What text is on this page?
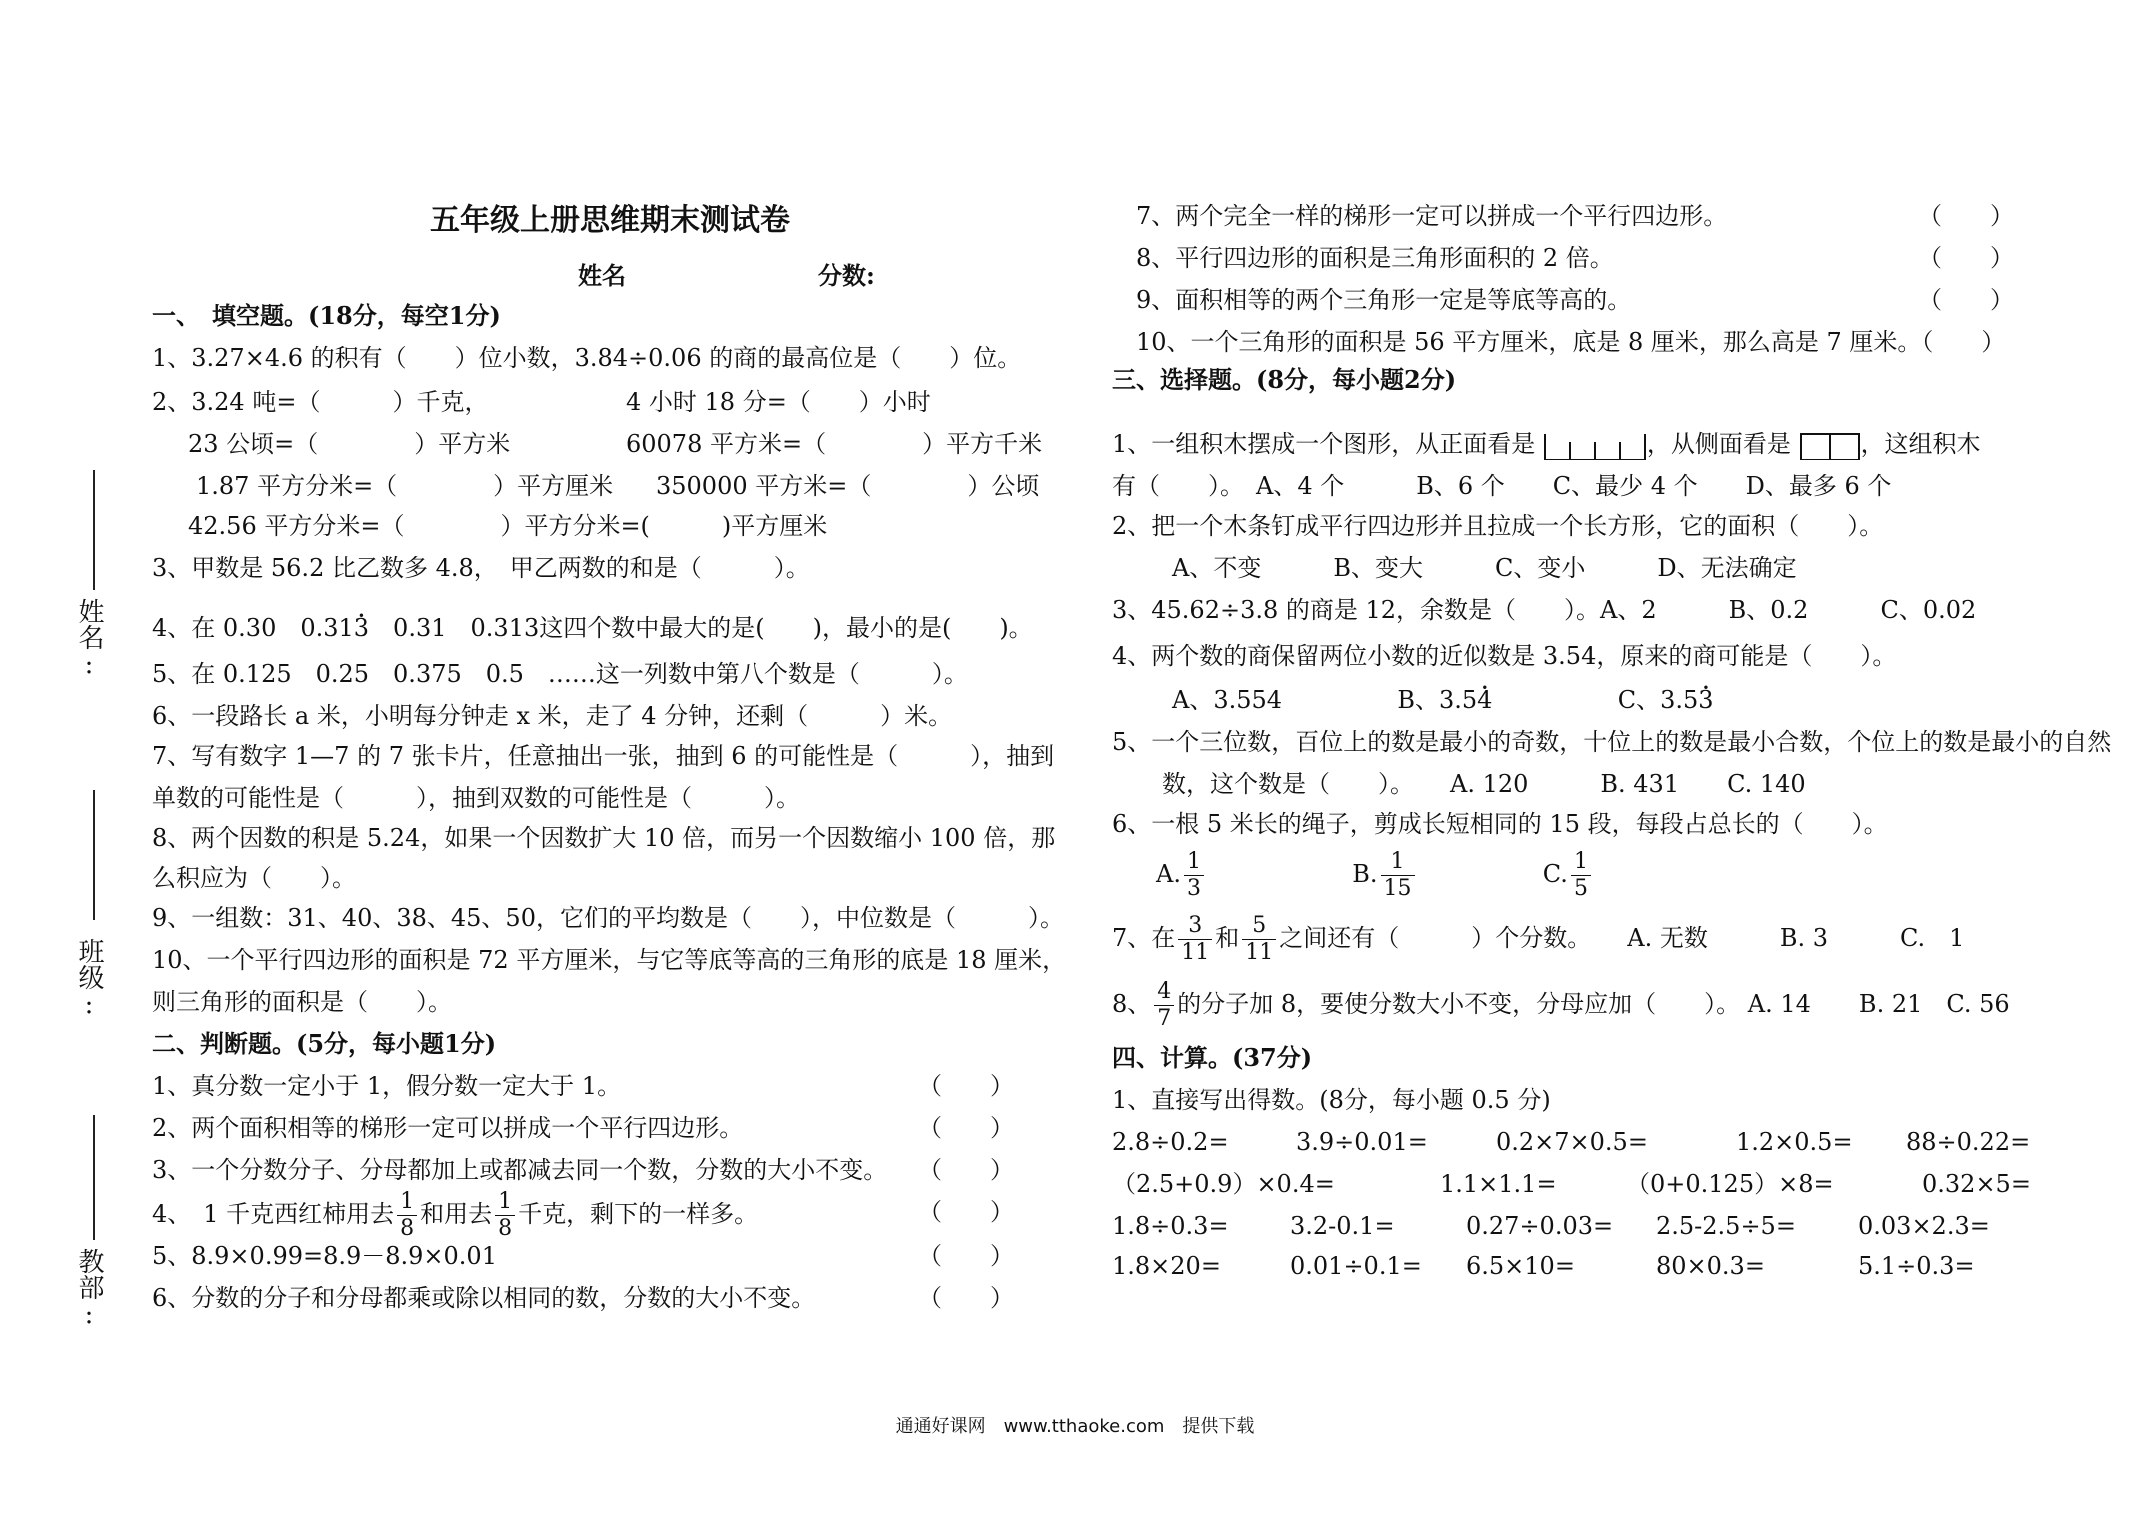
姓名:
班级:
教部:
五年级上册思维期末测试卷
姓名	分数:
一、　填空题。(18分，每空1分)
1、3.27×4.6 的积有（　　）位小数，3.84÷0.06 的商的最高位是（　　）位。
2、3.24 吨=（　　　）千克，	4 小时 18 分=（　　）小时
23 公顷=（　　　　）平方米	60078 平方米=（　　　　）平方千米
1.87 平方分米=（　　　　）平方厘米 350000 平方米=（　　　　）公顷
42.56 平方分米=（　　　　）平方分米=(　　　)平方厘米
3、甲数是 56.2 比乙数多 4.8，　甲乙两数的和是（　　　）。
4、在 0.30　0.31• 3　0.31　0.313这四个数中最大的是(　　)，最小的是(　　)。
5、在 0.125　0.25　0.375　0.5　……这一列数中第八个数是（　　　）。
6、一段路长 a 米，小明每分钟走 x 米，走了 4 分钟，还剩（　　　）米。
7、写有数字 1—7 的 7 张卡片，任意抽出一张，抽到 6 的可能性是（　　　），抽到
单数的可能性是（　　　），抽到双数的可能性是（　　　）。
8、两个因数的积是 5.24，如果一个因数扩大 10 倍，而另一个因数缩小 100 倍，那
么积应为（　　）。
9、一组数：31、40、38、45、50，它们的平均数是（　　），中位数是（　　　）。
10、一个平行四边形的面积是 72 平方厘米，与它等底等高的三角形的底是 18 厘米，
则三角形的面积是（　　）。
二、判断题。(5分，每小题1分)
1、真分数一定小于 1，假分数一定大于 1。	（　　）
2、两个面积相等的梯形一定可以拼成一个平行四边形。	（　　）
3、一个分数分子、分母都加上或都减去同一个数，分数的大小不变。 （　　）
4、　1 千克西红柿用去 $\frac{1}{8}$ 和用去 $\frac{1}{8}$ 千克，剩下的一样多。	（　　）
5、8.9×0.99=8.9－8.9×0.01	（　　）
6、分数的分子和分母都乘或除以相同的数，分数的大小不变。	（　　）
7、两个完全一样的梯形一定可以拼成一个平行四边形。	（　　）
8、平行四边形的面积是三角形面积的 2 倍。	（　　）
9、面积相等的两个三角形一定是等底等高的。	（　　）
10、一个三角形的面积是 56 平方厘米，底是 8 厘米，那么高是 7 厘米。（　　）
三、选择题。(8分，每小题2分)
1、一组积木摆成一个图形，从正面看是	，从侧面看是	，这组积木
有（　　）。　A、4 个　　　B、6 个　　C、最少 4 个　　D、最多 6 个
2、把一个木条钉成平行四边形并且拉成一个长方形，它的面积（　　）。
A、不变　　　B、变大　　　C、变小　　　D、无法确定
3、45.62÷3.8 的商是 12，余数是（　　）。A、2　　　B、0.2　　　C、0.02
4、两个数的商保留两位小数的近似数是 3.54，原来的商可能是（　　）。
A、3.554	B、3.5• 4	C、3.5• 3
5、一个三位数，百位上的数是最小的奇数，十位上的数是最小合数，个位上的数是最小的自然
数，这个数是（　　）。　　A. 120　　　B. 431　　C. 140
6、一根 5 米长的绳子，剪成长短相同的 15 段，每段占总长的（　　）。
A. $\frac{1}{3}$	B. $\frac{1}{15}$	C. $\frac{1}{5}$
7、在 $\frac{3}{11}$ 和 $\frac{5}{11}$ 之间还有（　　　）个分数。　　A. 无数　　　B. 3　　　C.　1
8、 $\frac{4}{7}$ 的分子加 8，要使分数大小不变，分母应加（　　）。 A. 14　　B. 21　C. 56
四、计算。(37分)
1、直接写出得数。(8分，每小题 0.5 分)
2.8÷0.2=	3.9÷0.01=	0.2×7×0.5=	1.2×0.5= 88÷0.22=
（2.5+0.9）×0.4=	1.1×1.1=	（0+0.125）×8=	0.32×5=
1.8÷0.3=	3.2-0.1=	0.27÷0.03= 2.5-2.5÷5=	0.03×2.3=
1.8×20=	0.01÷0.1= 6.5×10=	80×0.3=	5.1÷0.3=
通通好课网　www.tthaoke.com　提供下载
